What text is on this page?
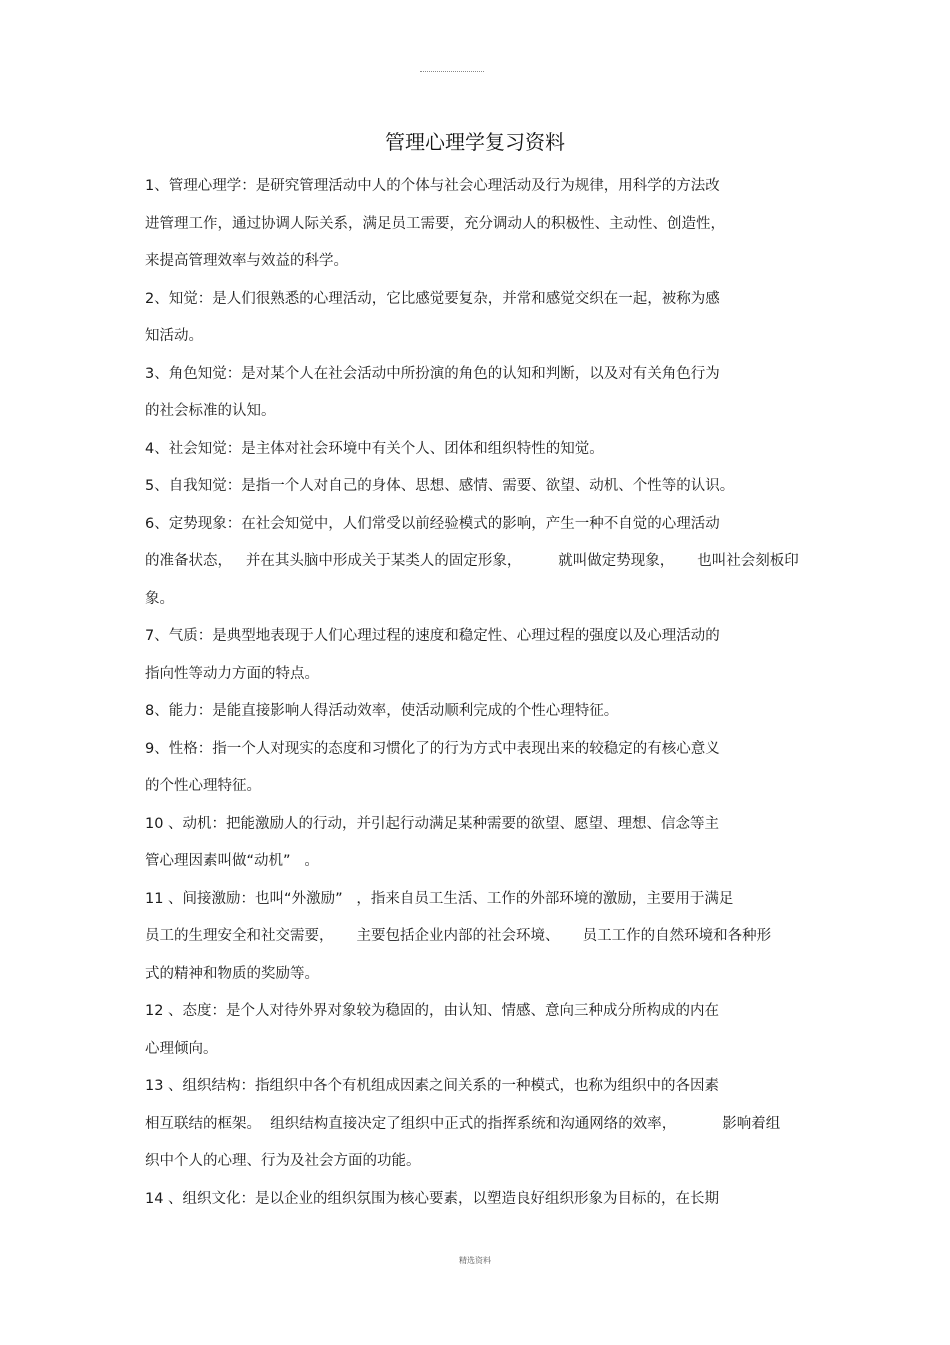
管理心理学复习资料
1、管理心理学：是研究管理活动中人的个体与社会心理活动及行为规律，用科学的方法改
进管理工作，通过协调人际关系，满足员工需要，充分调动人的积极性、主动性、创造性，
来提高管理效率与效益的科学。
2、知觉：是人们很熟悉的心理活动，它比感觉要复杂，并常和感觉交织在一起，被称为感
知活动。
3、角色知觉：是对某个人在社会活动中所扮演的角色的认知和判断，以及对有关角色行为
的社会标准的认知。
4、社会知觉：是主体对社会环境中有关个人、团体和组织特性的知觉。
5、自我知觉：是指一个人对自己的身体、思想、感情、需要、欲望、动机、个性等的认识。
6、定势现象：在社会知觉中，人们常受以前经验模式的影响，产生一种不自觉的心理活动
的准备状态，   并在其头脑中形成关于某类人的固定形象，        就叫做定势现象，     也叫社会刻板印
象。
7、气质：是典型地表现于人们心理过程的速度和稳定性、心理过程的强度以及心理活动的
指向性等动力方面的特点。
8、能力：是能直接影响人得活动效率，使活动顺利完成的个性心理特征。
9、性格：指一个人对现实的态度和习惯化了的行为方式中表现出来的较稳定的有核心意义
的个性心理特征。
10 、动机：把能激励人的行动，并引起行动满足某种需要的欲望、愿望、理想、信念等主
管心理因素叫做“动机”   。
11 、间接激励：也叫“外激励”   ，指来自员工生活、工作的外部环境的激励，主要用于满足
员工的生理安全和社交需要，     主要包括企业内部的社会环境、     员工工作的自然环境和各种形
式的精神和物质的奖励等。
12 、态度：是个人对待外界对象较为稳固的，由认知、情感、意向三种成分所构成的内在
心理倾向。
13 、组织结构：指组织中各个有机组成因素之间关系的一种模式，也称为组织中的各因素
相互联结的框架。  组织结构直接决定了组织中正式的指挥系统和沟通网络的效率，          影响着组
织中个人的心理、行为及社会方面的功能。
14 、组织文化：是以企业的组织氛围为核心要素，以塑造良好组织形象为目标的，在长期
精选资料
